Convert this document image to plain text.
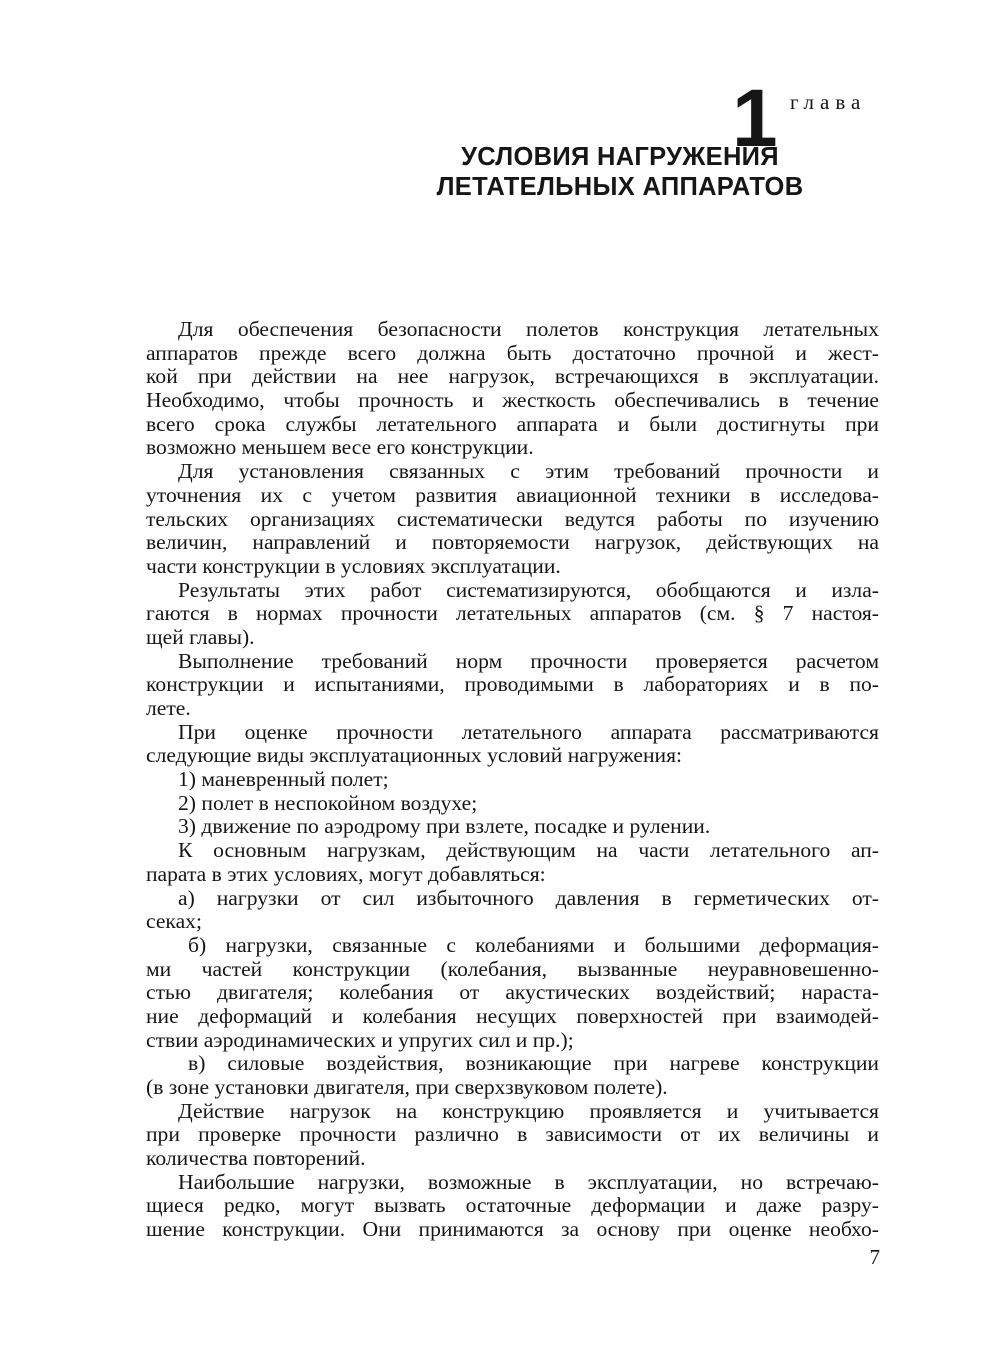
1 глава
УСЛОВИЯ НАГРУЖЕНИЯ
ЛЕТАТЕЛЬНЫХ АППАРАТОВ
Для обеспечения безопасности полетов конструкция летательных
аппаратов прежде всего должна быть достаточно прочной и жест-
кой при действии на нее нагрузок, встречающихся в эксплуатации.
Необходимо, чтобы прочность и жесткость обеспечивались в течение
всего срока службы летательного аппарата и были достигнуты при
возможно меньшем весе его конструкции.
Для установления связанных с этим требований прочности и
уточнения их с учетом развития авиационной техники в исследова-
тельских организациях систематически ведутся работы по изучению
величин, направлений и повторяемости нагрузок, действующих на
части конструкции в условиях эксплуатации.
Результаты этих работ систематизируются, обобщаются и изла-
гаются в нормах прочности летательных аппаратов (см. § 7 настоя-
щей главы).
Выполнение требований норм прочности проверяется расчетом
конструкции и испытаниями, проводимыми в лабораториях и в по-
лете.
При оценке прочности летательного аппарата рассматриваются
следующие виды эксплуатационных условий нагружения:
1) маневренный полет;
2) полет в неспокойном воздухе;
3) движение по аэродрому при взлете, посадке и рулении.
К основным нагрузкам, действующим на части летательного ап-
парата в этих условиях, могут добавляться:
а) нагрузки от сил избыточного давления в герметических от-
секах;
б) нагрузки, связанные с колебаниями и большими деформация-
ми частей конструкции (колебания, вызванные неуравновешенно-
стью двигателя; колебания от акустических воздействий; нараста-
ние деформаций и колебания несущих поверхностей при взаимодей-
ствии аэродинамических и упругих сил и пр.);
в) силовые воздействия, возникающие при нагреве конструкции
(в зоне установки двигателя, при сверхзвуковом полете).
Действие нагрузок на конструкцию проявляется и учитывается
при проверке прочности различно в зависимости от их величины и
количества повторений.
Наибольшие нагрузки, возможные в эксплуатации, но встречаю-
щиеся редко, могут вызвать остаточные деформации и даже разру-
шение конструкции. Они принимаются за основу при оценке необхо-
7
